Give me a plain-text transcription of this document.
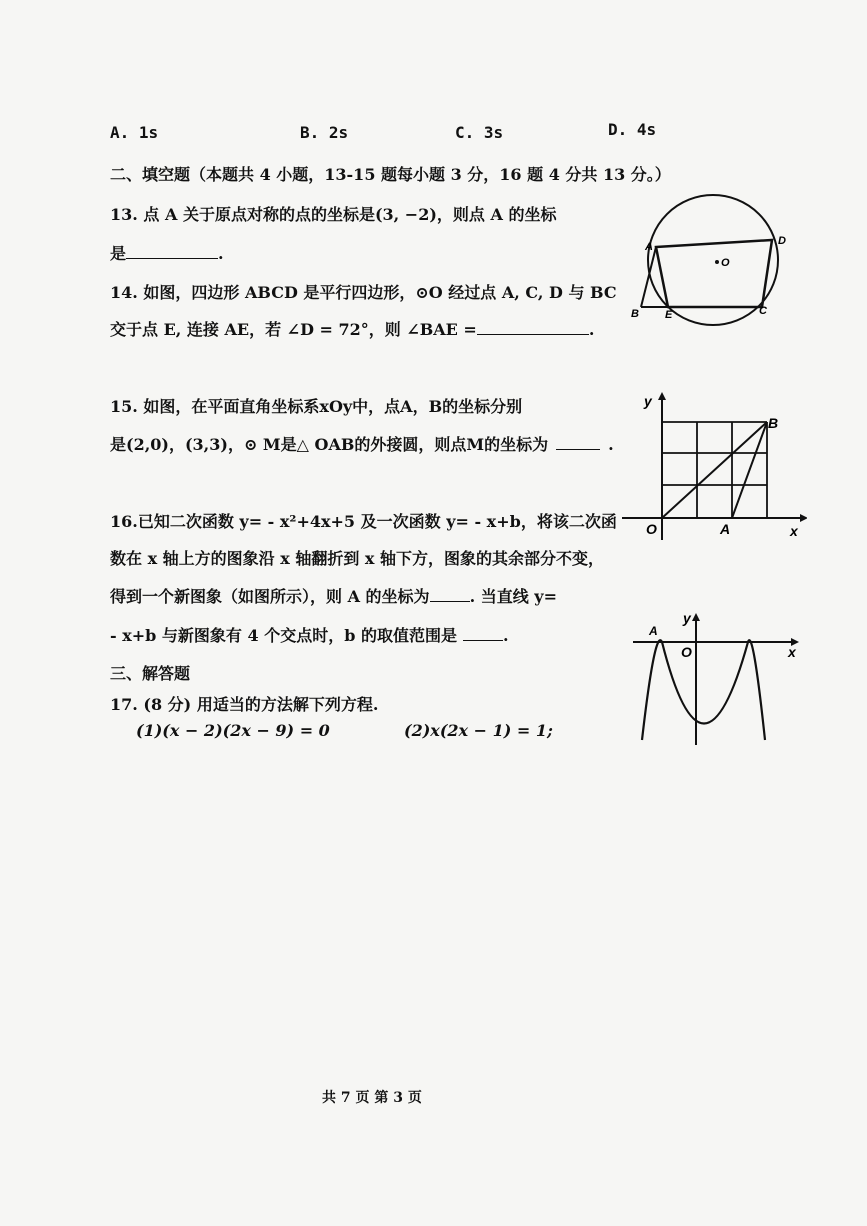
A. 1s	B. 2s	C. 3s	D. 4s
二、填空题（本题共 4 小题，13-15 题每小题 3 分，16 题 4 分共 13 分。）
13. 点 A 关于原点对称的点的坐标是(3, −2)，则点 A 的坐标
是	.
14. 如图，四边形 ABCD 是平行四边形，⊙O 经过点 A, C, D 与 BC
交于点 E, 连接 AE，若 ∠D = 72°，则 ∠BAE =	.
15. 如图，在平面直角坐标系xOy中，点A，B的坐标分别
是(2,0)，(3,3)，⊙ M是△ OAB的外接圆，则点M的坐标为	.
16.已知二次函数 y= - x²+4x+5 及一次函数 y= - x+b，将该二次函
数在 x 轴上方的图象沿 x 轴翻折到 x 轴下方，图象的其余部分不变，
得到一个新图象（如图所示），则 A 的坐标为	. 当直线 y=
- x+b 与新图象有 4 个交点时，b 的取值范围是	.
三、解答题
17. (8 分) 用适当的方法解下列方程.
(1)(x − 2)(2x − 9) = 0	(2)x(2x − 1) = 1;
A	D
O
B E	C
y
x
O	A
B
y
x
O
A
共 7 页 第 3 页
